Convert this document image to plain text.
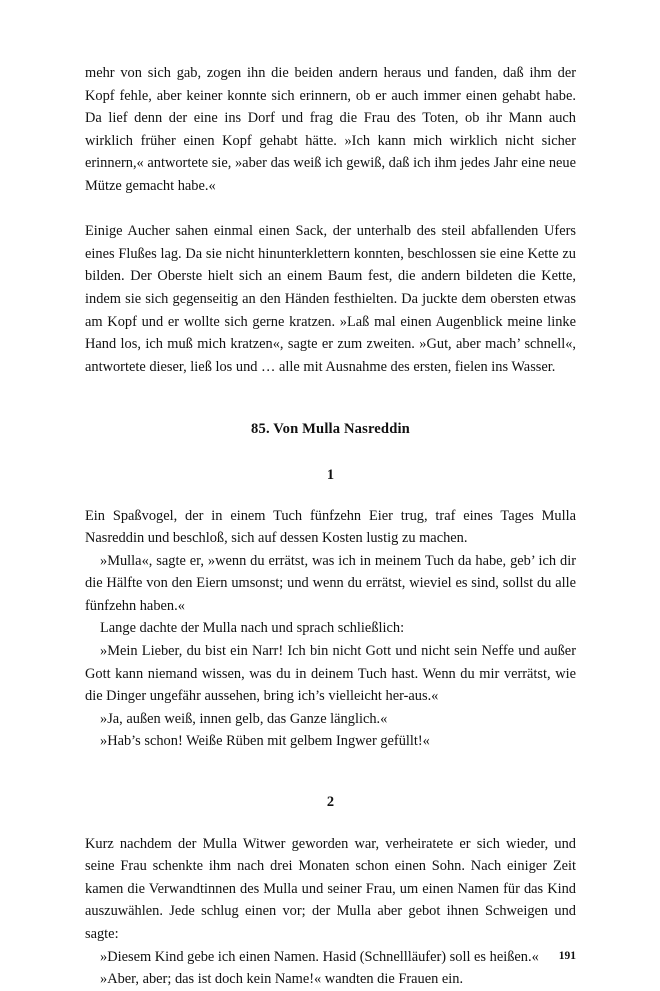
mehr von sich gab, zogen ihn die beiden andern heraus und fanden, daß ihm der Kopf fehle, aber keiner konnte sich erinnern, ob er auch immer einen gehabt habe. Da lief denn der eine ins Dorf und frag die Frau des Toten, ob ihr Mann auch wirklich früher einen Kopf gehabt hätte. »Ich kann mich wirklich nicht sicher erinnern,« antwortete sie, »aber das weiß ich gewiß, daß ich ihm jedes Jahr eine neue Mütze gemacht habe.«

Einige Aucher sahen einmal einen Sack, der unterhalb des steil abfallenden Ufers eines Flußes lag. Da sie nicht hinunterklettern konnten, beschlossen sie eine Kette zu bilden. Der Oberste hielt sich an einem Baum fest, die andern bildeten die Kette, indem sie sich gegenseitig an den Händen festhielten. Da juckte dem obersten etwas am Kopf und er wollte sich gerne kratzen. »Laß mal einen Augenblick meine linke Hand los, ich muß mich kratzen«, sagte er zum zweiten. »Gut, aber mach’ schnell«, antwortete dieser, ließ los und … alle mit Ausnahme des ersten, fielen ins Wasser.

85. Von Mulla Nasreddin

1

Ein Spaßvogel, der in einem Tuch fünfzehn Eier trug, traf eines Tages Mulla Nasreddin und beschloß, sich auf dessen Kosten lustig zu machen.

»Mulla«, sagte er, »wenn du errätst, was ich in meinem Tuch da habe, geb’ ich dir die Hälfte von den Eiern umsonst; und wenn du errätst, wieviel es sind, sollst du alle fünfzehn haben.«

Lange dachte der Mulla nach und sprach schließlich:

»Mein Lieber, du bist ein Narr! Ich bin nicht Gott und nicht sein Neffe und außer Gott kann niemand wissen, was du in deinem Tuch hast. Wenn du mir verrätst, wie die Dinger ungefähr aussehen, bring ich’s vielleicht her-aus.«

»Ja, außen weiß, innen gelb, das Ganze länglich.«

»Hab’s schon! Weiße Rüben mit gelbem Ingwer gefüllt!«

2

Kurz nachdem der Mulla Witwer geworden war, verheiratete er sich wieder, und seine Frau schenkte ihm nach drei Monaten schon einen Sohn. Nach einiger Zeit kamen die Verwandtinnen des Mulla und seiner Frau, um einen Namen für das Kind auszuwählen. Jede schlug einen vor; der Mulla aber gebot ihnen Schweigen und sagte:

»Diesem Kind gebe ich einen Namen. Hasid (Schnellläufer) soll es heißen.«

»Aber, aber; das ist doch kein Name!« wandten die Frauen ein.

191
